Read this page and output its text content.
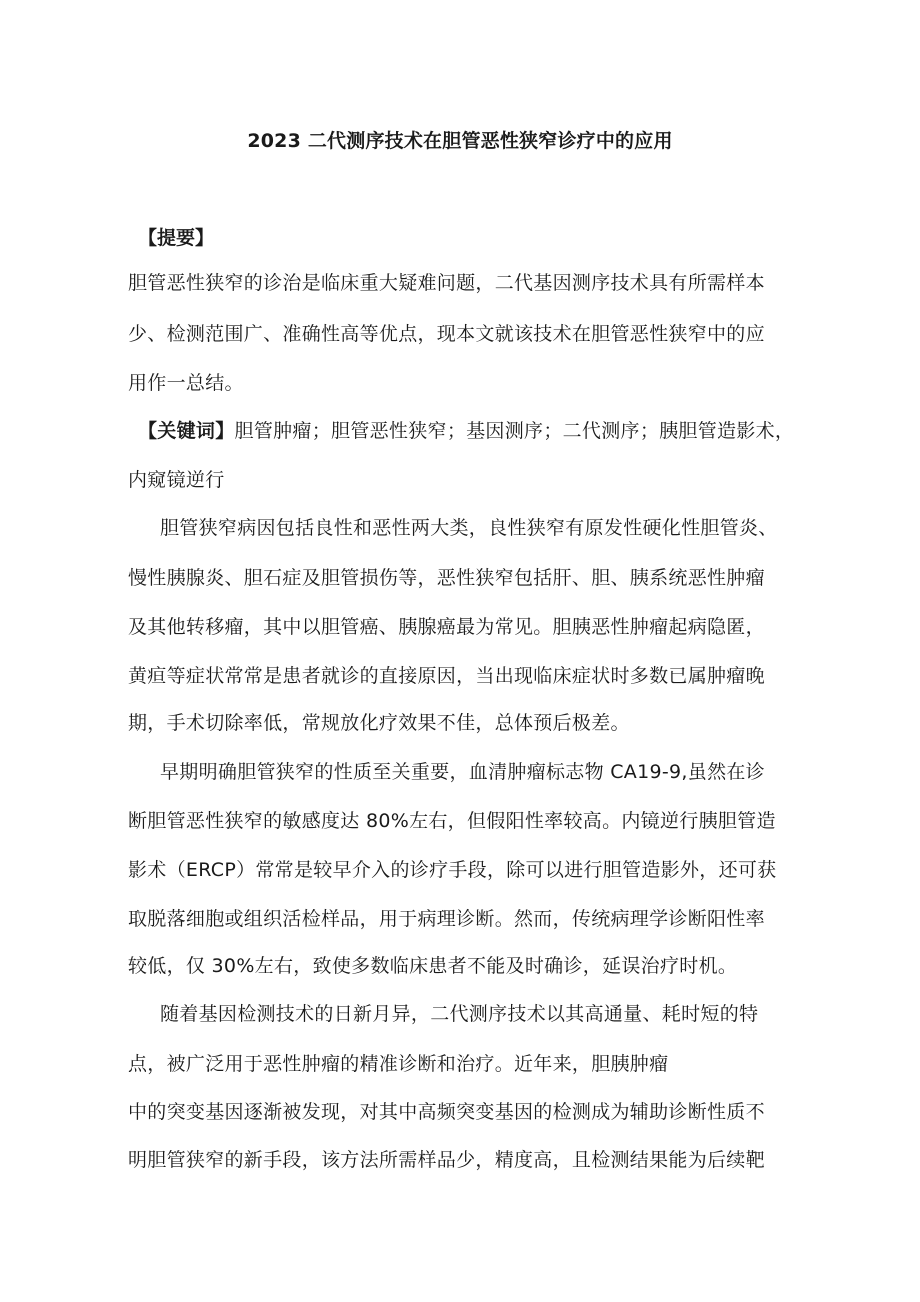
2023 二代测序技术在胆管恶性狭窄诊疗中的应用
【提要】
胆管恶性狭窄的诊治是临床重大疑难问题，二代基因测序技术具有所需样本
少、检测范围广、准确性高等优点，现本文就该技术在胆管恶性狭窄中的应
用作一总结。
【关键词】胆管肿瘤；胆管恶性狭窄；基因测序；二代测序；胰胆管造影术，
内窥镜逆行
胆管狭窄病因包括良性和恶性两大类，良性狭窄有原发性硬化性胆管炎、
慢性胰腺炎、胆石症及胆管损伤等，恶性狭窄包括肝、胆、胰系统恶性肿瘤
及其他转移瘤，其中以胆管癌、胰腺癌最为常见。胆胰恶性肿瘤起病隐匿，
黄疸等症状常常是患者就诊的直接原因，当出现临床症状时多数已属肿瘤晚
期，手术切除率低，常规放化疗效果不佳，总体预后极差。
早期明确胆管狭窄的性质至关重要，血清肿瘤标志物 CA19-9,虽然在诊
断胆管恶性狭窄的敏感度达 80%左右，但假阳性率较高。内镜逆行胰胆管造
影术（ERCP）常常是较早介入的诊疗手段，除可以进行胆管造影外，还可获
取脱落细胞或组织活检样品，用于病理诊断。然而，传统病理学诊断阳性率
较低，仅 30%左右，致使多数临床患者不能及时确诊，延误治疗时机。
随着基因检测技术的日新月异，二代测序技术以其高通量、耗时短的特
点，被广泛用于恶性肿瘤的精准诊断和治疗。近年来，胆胰肿瘤
中的突变基因逐渐被发现，对其中高频突变基因的检测成为辅助诊断性质不
明胆管狭窄的新手段，该方法所需样品少，精度高，且检测结果能为后续靶
